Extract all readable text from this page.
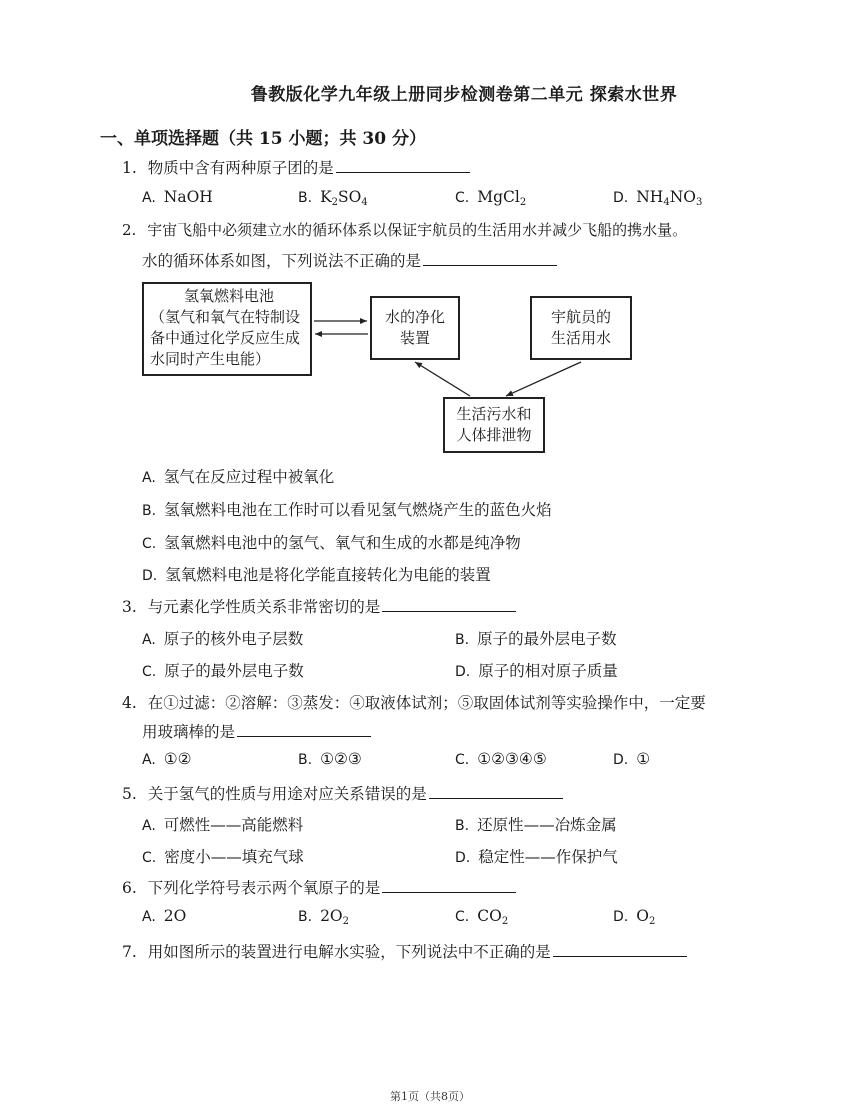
鲁教版化学九年级上册同步检测卷第二单元 探索水世界
一、单项选择题（共 15 小题；共 30 分）
1. 物质中含有两种原子团的是
A. NaOH	B. $K_2SO_4$	C. MgCl$_2$	D. $NH_4NO_3$
2. 宇宙飞船中必须建立水的循环体系以保证宇航员的生活用水并减少飞船的携水量。
水的循环体系如图，下列说法不正确的是
氢氧燃料电池
（氢气和氧气在特制设
备中通过化学反应生成
水同时产生电能）
水的净化
装置
宇航员的
生活用水
生活污水和
人体排泄物
A. 氢气在反应过程中被氧化
B. 氢氧燃料电池在工作时可以看见氢气燃烧产生的蓝色火焰
C. 氢氧燃料电池中的氢气、氧气和生成的水都是纯净物
D. 氢氧燃料电池是将化学能直接转化为电能的装置
3. 与元素化学性质关系非常密切的是
A. 原子的核外电子层数	B. 原子的最外层电子数
C. 原子的最外层电子数	D. 原子的相对原子质量
4. 在①过滤：②溶解：③蒸发：④取液体试剂；⑤取固体试剂等实验操作中，一定要
用玻璃棒的是
A. ①②	B. ①②③	C. ①②③④⑤	D. ①
5. 关于氢气的性质与用途对应关系错误的是
A. 可燃性——高能燃料	B. 还原性——冶炼金属
C. 密度小——填充气球	D. 稳定性——作保护气
6. 下列化学符号表示两个氧原子的是
A. 2O	B. $2O_2$	C. $CO_2$	D. $O_2$
7. 用如图所示的装置进行电解水实验，下列说法中不正确的是
第1页（共8页）
